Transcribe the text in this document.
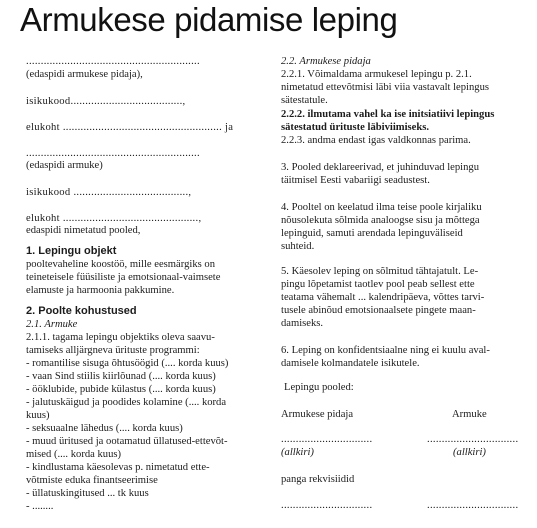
Armukese pidamise leping
...........................................................
(edaspidi armukese pidaja),
isikukood......................................,
elukoht ...................................................... ja
...........................................................
(edaspidi armuke)
isikukood .......................................,
elukoht ..............................................,
edaspidi nimetatud pooled,
1. Lepingu objekt
pooltevaheline koostöö, mille eesmärgiks on
teineteisele füüsiliste ja emotsionaal-vaimsete
elamuste ja harmoonia pakkumine.
2. Poolte kohustused
2.1. Armuke
2.1.1. tagama lepingu objektiks oleva saavu-
tamiseks alljärgneva ürituste programmi:
- romantilise sisuga õhtusöögid (.... korda kuus)
- vaan Sind stiilis kiirlõunad (.... korda kuus)
- ööklubide, pubide külastus (.... korda kuus)
- jalutuskäigud ja poodides kolamine (.... korda
kuus)
- seksuaalne lähedus (.... korda kuus)
- muud üritused ja ootamatud üllatused-ettevõt-
mised (.... korda kuus)
- kindlustama käesolevas p. nimetatud ette-
võtmiste eduka finantseerimise
- üllatuskingitused ... tk kuus
- ........
2.2. Armukese pidaja
2.2.1. Võimaldama armukesel lepingu p. 2.1.
nimetatud ettevõtmisi läbi viia vastavalt lepingus
sätestatule.
2.2.2. ilmutama vahel ka ise initsiatiivi lepingus
sätestatud ürituste läbiviimiseks.
2.2.3. andma endast igas valdkonnas parima.
3. Pooled deklareerivad, et juhinduvad lepingu
täitmisel Eesti vabariigi seadustest.
4. Pooltel on keelatud ilma teise poole kirjaliku
nõusolekuta sõlmida analoogse sisu ja mõttega
lepinguid, samuti arendada lepinguväliseid
suhteid.
5. Käesolev leping on sõlmitud tähtajatult. Le-
pingu lõpetamist taotlev pool peab sellest ette
teatama vähemalt ... kalendripäeva, võttes tarvi-
tusele abinõud emotsionaalsete pingete maan-
damiseks.
6. Leping on konfidentsiaalne ning ei kuulu aval-
damisele kolmandatele isikutele.
Lepingu pooled:
Armukese pidaja	Armuke
...............................	...............................
(allkiri)	(allkiri)
panga rekvisiidid
...............................	...............................
